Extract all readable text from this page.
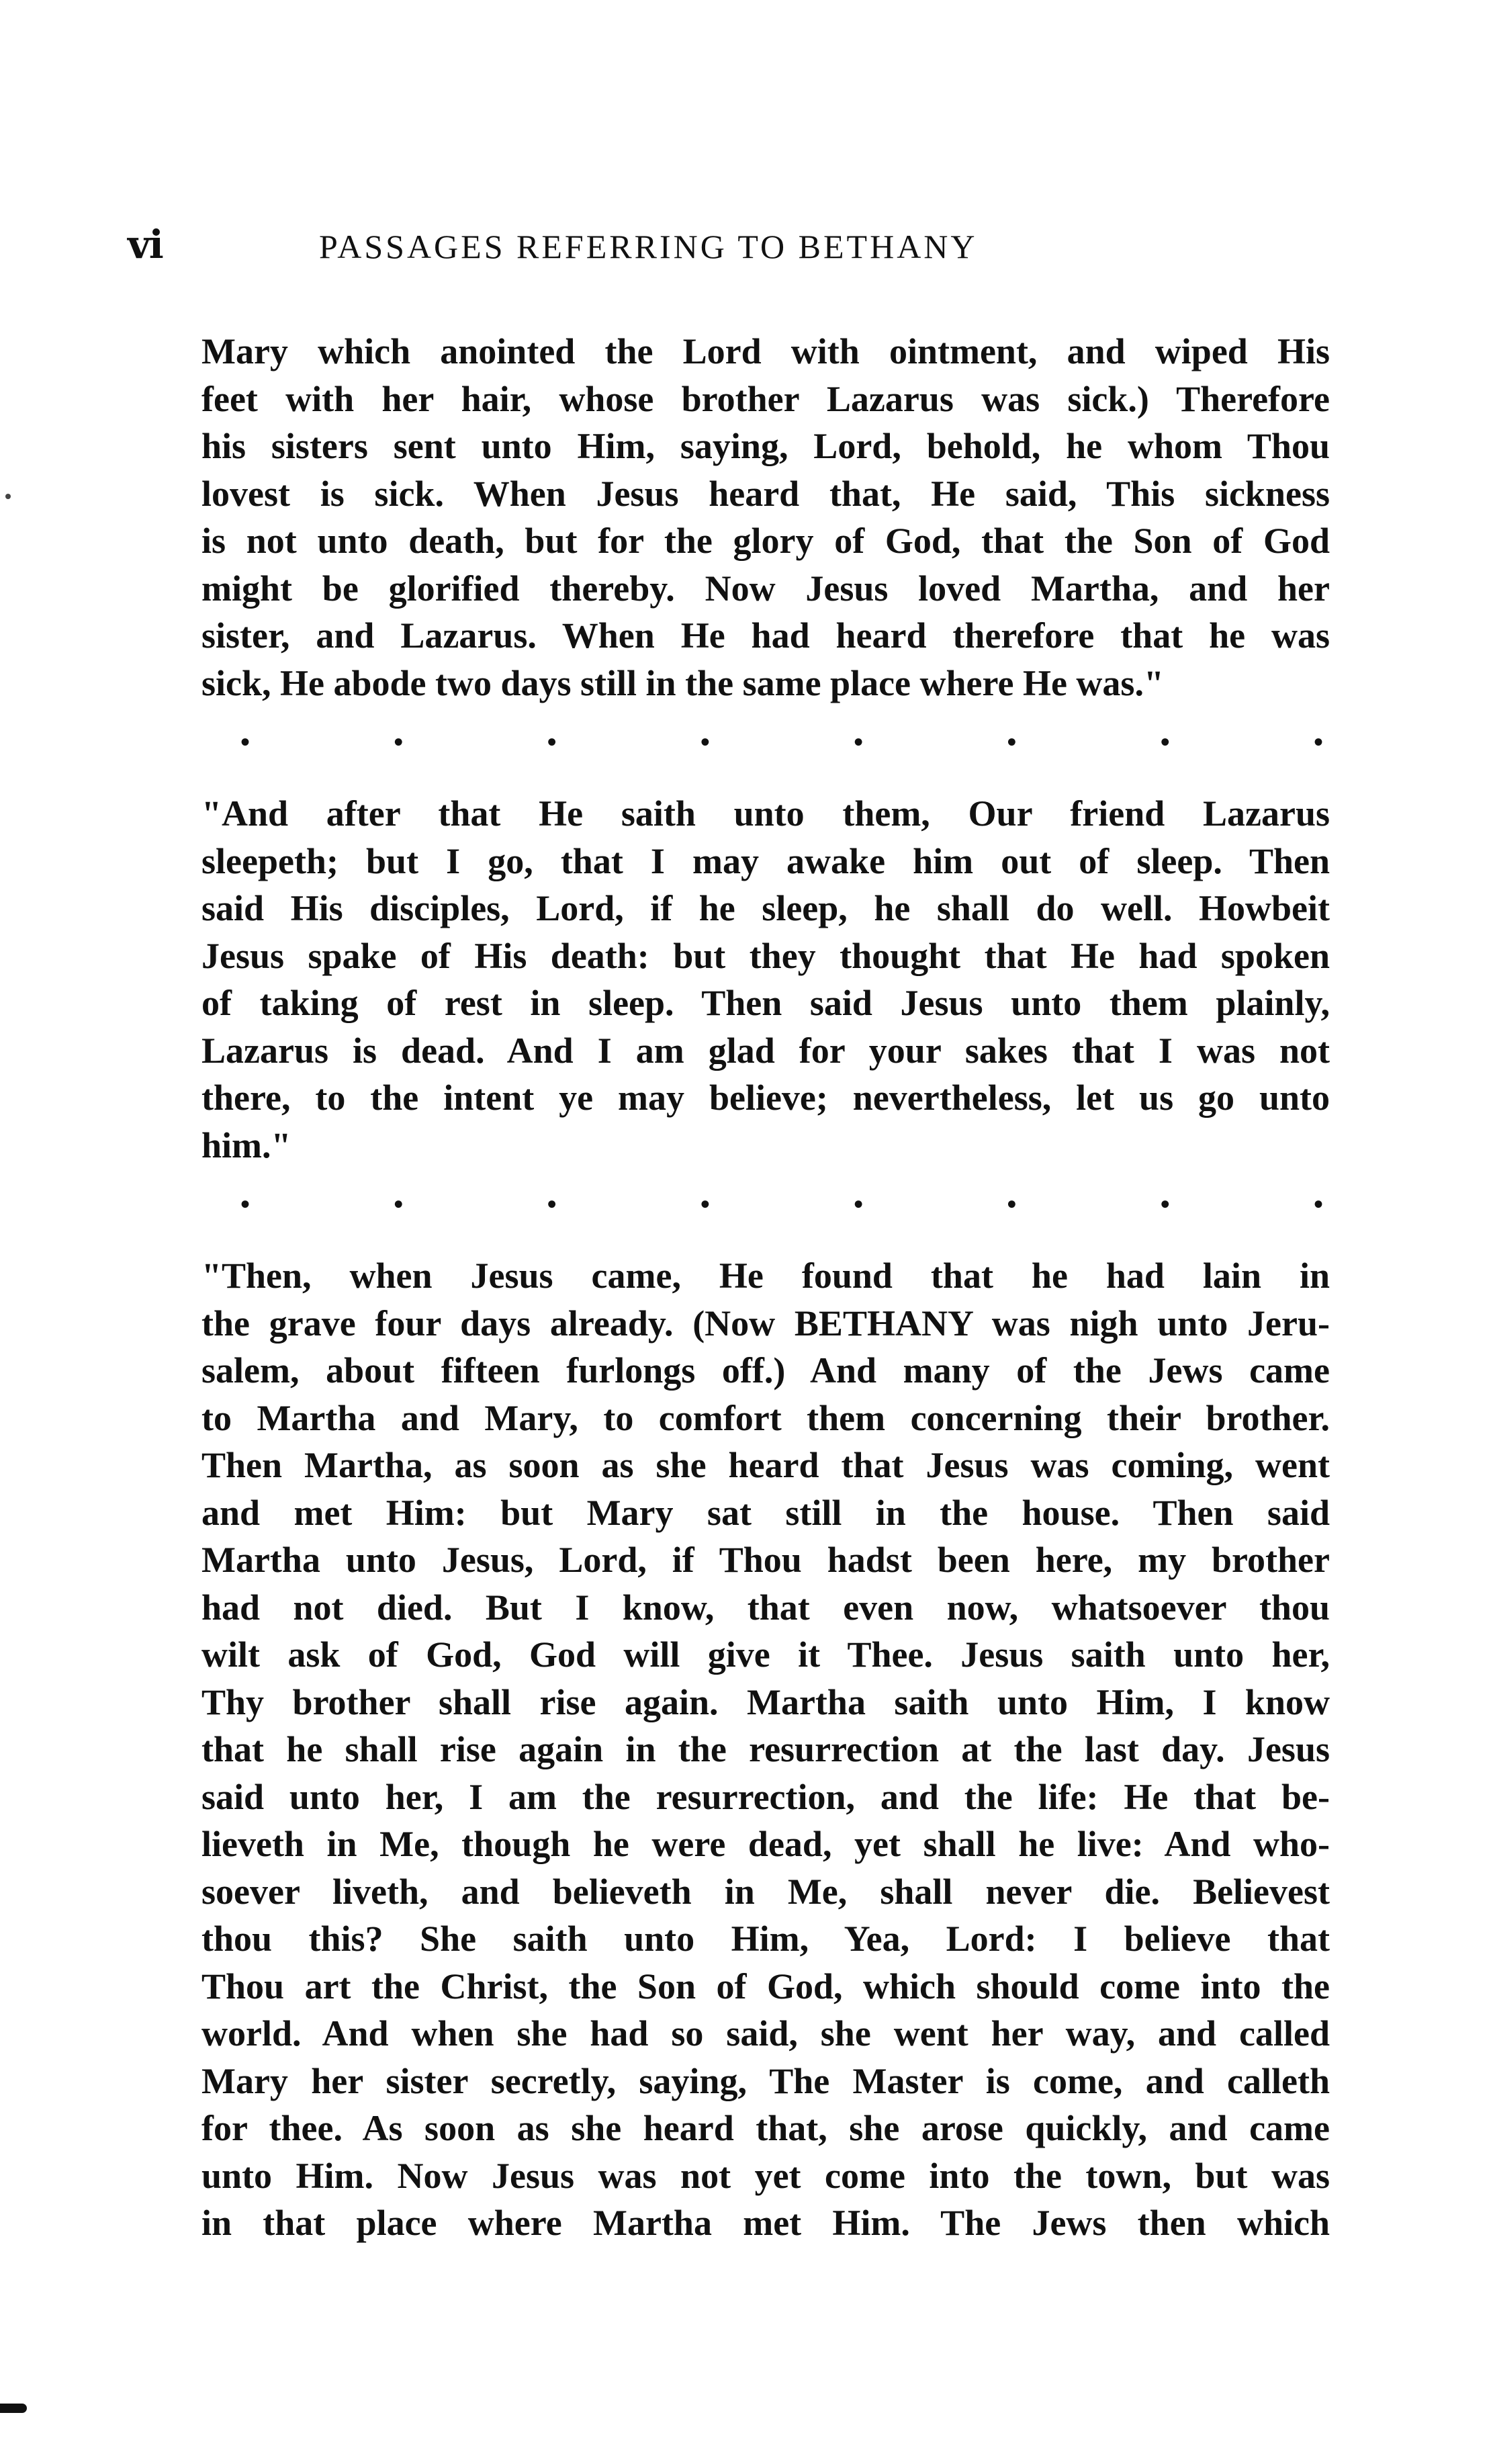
vi	PASSAGES REFERRING TO BETHANY
Mary which anointed the Lord with ointment, and wiped His
feet with her hair, whose brother Lazarus was sick.) Therefore
his sisters sent unto Him, saying, Lord, behold, he whom Thou
lovest is sick. When Jesus heard that, He said, This sickness
is not unto death, but for the glory of God, that the Son of God
might be glorified thereby. Now Jesus loved Martha, and her
sister, and Lazarus. When He had heard therefore that he was
sick, He abode two days still in the same place where He was."
•	•	•	•	•	•	•	•
"And after that He saith unto them, Our friend Lazarus
sleepeth; but I go, that I may awake him out of sleep. Then
said His disciples, Lord, if he sleep, he shall do well. Howbeit
Jesus spake of His death: but they thought that He had spoken
of taking of rest in sleep. Then said Jesus unto them plainly,
Lazarus is dead. And I am glad for your sakes that I was not
there, to the intent ye may believe; nevertheless, let us go unto
him."
•	•	•	•	•	•	•	•
"Then, when Jesus came, He found that he had lain in
the grave four days already. (Now BETHANY was nigh unto Jeru-
salem, about fifteen furlongs off.) And many of the Jews came
to Martha and Mary, to comfort them concerning their brother.
Then Martha, as soon as she heard that Jesus was coming, went
and met Him: but Mary sat still in the house. Then said
Martha unto Jesus, Lord, if Thou hadst been here, my brother
had not died. But I know, that even now, whatsoever thou
wilt ask of God, God will give it Thee. Jesus saith unto her,
Thy brother shall rise again. Martha saith unto Him, I know
that he shall rise again in the resurrection at the last day. Jesus
said unto her, I am the resurrection, and the life: He that be-
lieveth in Me, though he were dead, yet shall he live: And who-
soever liveth, and believeth in Me, shall never die. Believest
thou this? She saith unto Him, Yea, Lord: I believe that
Thou art the Christ, the Son of God, which should come into the
world. And when she had so said, she went her way, and called
Mary her sister secretly, saying, The Master is come, and calleth
for thee. As soon as she heard that, she arose quickly, and came
unto Him. Now Jesus was not yet come into the town, but was
in that place where Martha met Him. The Jews then which
